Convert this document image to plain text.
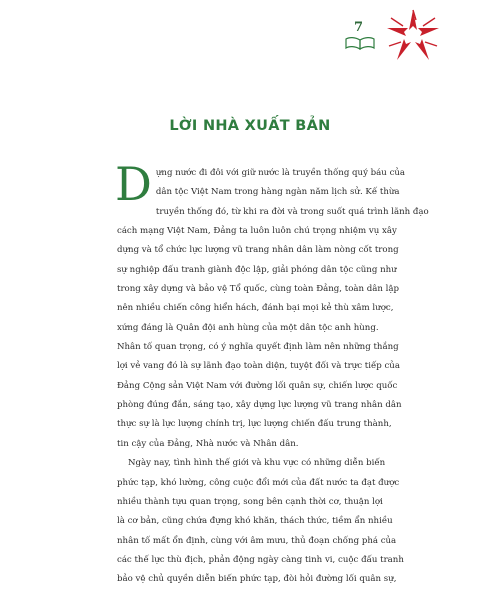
7
LỜI NHÀ XUẤT BẢN
D ựng nước đi đôi với giữ nước là truyền thống quý báu của
dân tộc Việt Nam trong hàng ngàn năm lịch sử. Kế thừa
truyền thống đó, từ khi ra đời và trong suốt quá trình lãnh đạo
cách mạng Việt Nam, Đảng ta luôn luôn chú trọng nhiệm vụ xây
dựng và tổ chức lực lượng vũ trang nhân dân làm nòng cốt trong
sự nghiệp đấu tranh giành độc lập, giải phóng dân tộc cũng như
trong xây dựng và bảo vệ Tổ quốc, cùng toàn Đảng, toàn dân lập
nên nhiều chiến công hiển hách, đánh bại mọi kẻ thù xâm lược,
xứng đáng là Quân đội anh hùng của một dân tộc anh hùng.
Nhân tố quan trọng, có ý nghĩa quyết định làm nên những thắng
lợi vẻ vang đó là sự lãnh đạo toàn diện, tuyệt đối và trực tiếp của
Đảng Cộng sản Việt Nam với đường lối quân sự, chiến lược quốc
phòng đúng đắn, sáng tạo, xây dựng lực lượng vũ trang nhân dân
thực sự là lực lượng chính trị, lực lượng chiến đấu trung thành,
tin cậy của Đảng, Nhà nước và Nhân dân.
Ngày nay, tình hình thế giới và khu vực có những diễn biến
phức tạp, khó lường, công cuộc đổi mới của đất nước ta đạt được
nhiều thành tựu quan trọng, song bên cạnh thời cơ, thuận lợi
là cơ bản, cũng chứa đựng khó khăn, thách thức, tiềm ẩn nhiều
nhân tố mất ổn định, cùng với âm mưu, thủ đoạn chống phá của
các thế lực thù địch, phản động ngày càng tinh vi, cuộc đấu tranh
bảo vệ chủ quyền diễn biến phức tạp, đòi hỏi đường lối quân sự,
